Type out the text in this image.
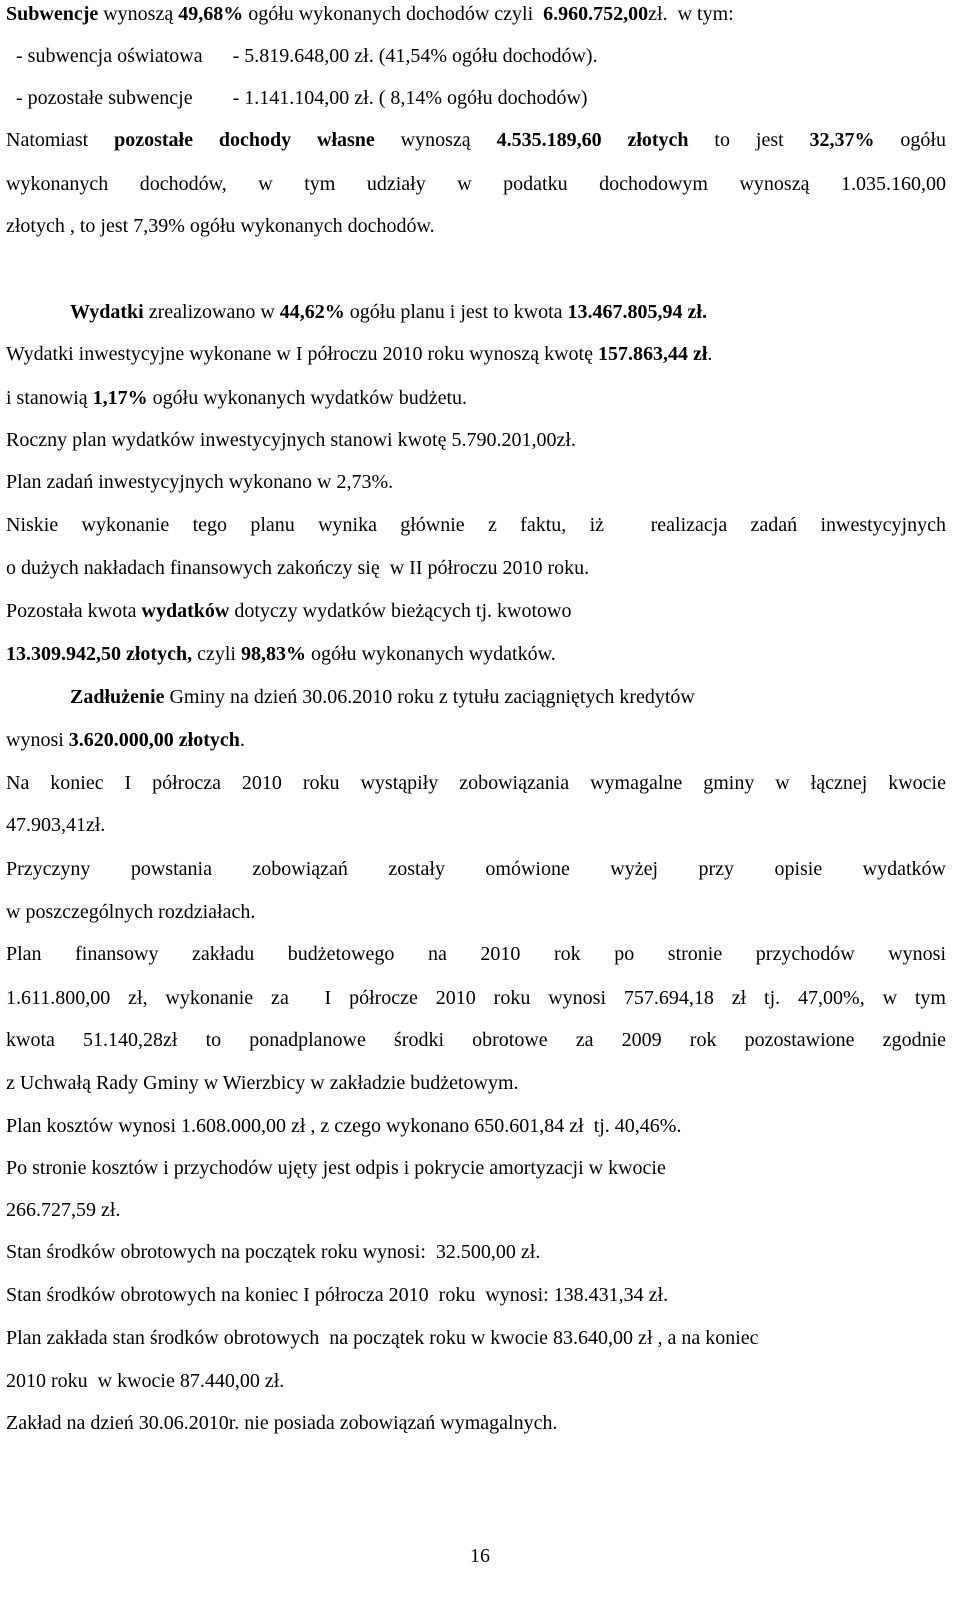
Subwencje wynoszą 49,68% ogółu wykonanych dochodów czyli  6.960.752,00zł.  w tym:
- subwencja oświatowa      - 5.819.648,00 zł. (41,54% ogółu dochodów).
- pozostałe subwencje        - 1.141.104,00 zł. ( 8,14% ogółu dochodów)
Natomiast pozostałe dochody własne wynoszą 4.535.189,60 złotych to jest 32,37% ogółu
wykonanych dochodów, w tym udziały w podatku dochodowym wynoszą 1.035.160,00
złotych , to jest 7,39% ogółu wykonanych dochodów.
Wydatki zrealizowano w 44,62% ogółu planu i jest to kwota 13.467.805,94 zł.
Wydatki inwestycyjne wykonane w I półroczu 2010 roku wynoszą kwotę 157.863,44 zł.
i stanowią 1,17% ogółu wykonanych wydatków budżetu.
Roczny plan wydatków inwestycyjnych stanowi kwotę 5.790.201,00zł.
Plan zadań inwestycyjnych wykonano w 2,73%.
Niskie wykonanie tego planu wynika głównie z faktu, iż  realizacja zadań inwestycyjnych
o dużych nakładach finansowych zakończy się  w II półroczu 2010 roku.
Pozostała kwota wydatków dotyczy wydatków bieżących tj. kwotowo
13.309.942,50 złotych, czyli 98,83% ogółu wykonanych wydatków.
Zadłużenie Gminy na dzień 30.06.2010 roku z tytułu zaciągniętych kredytów
wynosi 3.620.000,00 złotych.
Na koniec I półrocza 2010 roku wystąpiły zobowiązania wymagalne gminy w łącznej kwocie
47.903,41zł.
Przyczyny powstania zobowiązań zostały omówione wyżej przy opisie wydatków
w poszczególnych rozdziałach.
Plan finansowy zakładu budżetowego na 2010 rok po stronie przychodów wynosi
1.611.800,00 zł, wykonanie za  I półrocze 2010 roku wynosi 757.694,18 zł tj. 47,00%, w tym
kwota 51.140,28zł to ponadplanowe środki obrotowe za 2009 rok pozostawione zgodnie
z Uchwałą Rady Gminy w Wierzbicy w zakładzie budżetowym.
Plan kosztów wynosi 1.608.000,00 zł , z czego wykonano 650.601,84 zł  tj. 40,46%.
Po stronie kosztów i przychodów ujęty jest odpis i pokrycie amortyzacji w kwocie
266.727,59 zł.
Stan środków obrotowych na początek roku wynosi:  32.500,00 zł.
Stan środków obrotowych na koniec I półrocza 2010  roku  wynosi: 138.431,34 zł.
Plan zakłada stan środków obrotowych  na początek roku w kwocie 83.640,00 zł , a na koniec
2010 roku  w kwocie 87.440,00 zł.
Zakład na dzień 30.06.2010r. nie posiada zobowiązań wymagalnych.
16
